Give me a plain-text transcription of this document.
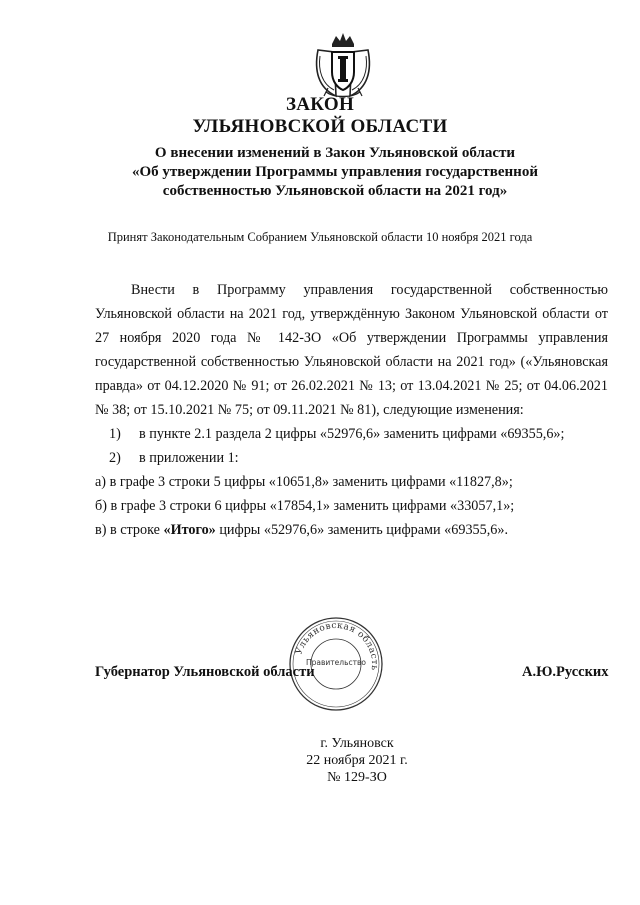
ЗАКОН
УЛЬЯНОВСКОЙ ОБЛАСТИ
О внесении изменений в Закон Ульяновской области
«Об утверждении Программы управления государственной
собственностью Ульяновской области на 2021 год»
Принят Законодательным Собранием Ульяновской области 10 ноября 2021 года

Внести в Программу управления государственной собственностью Ульяновской области на 2021 год, утверждённую Законом Ульяновской области от 27 ноября 2020 года № 142-ЗО «Об утверждении Программы управления государственной собственностью Ульяновской области на 2021 год» («Ульяновская правда» от 04.12.2020 № 91; от 26.02.2021 № 13; от 13.04.2021 № 25; от 04.06.2021 № 38; от 15.10.2021 № 75; от 09.11.2021 № 81), следующие изменения:

1) в пункте 2.1 раздела 2 цифры «52976,6» заменить цифрами «69355,6»;

2) в приложении 1:

а) в графе 3 строки 5 цифры «10651,8» заменить цифрами «11827,8»;

б) в графе 3 строки 6 цифры «17854,1» заменить цифрами «33057,1»;

в) в строке «Итого» цифры «52976,6» заменить цифрами «69355,6».

Ульяновская область
Правительство
Губернатор Ульяновской области	А.Ю.Русских
г. Ульяновск
22 ноября 2021 г.
№ 129-ЗО
